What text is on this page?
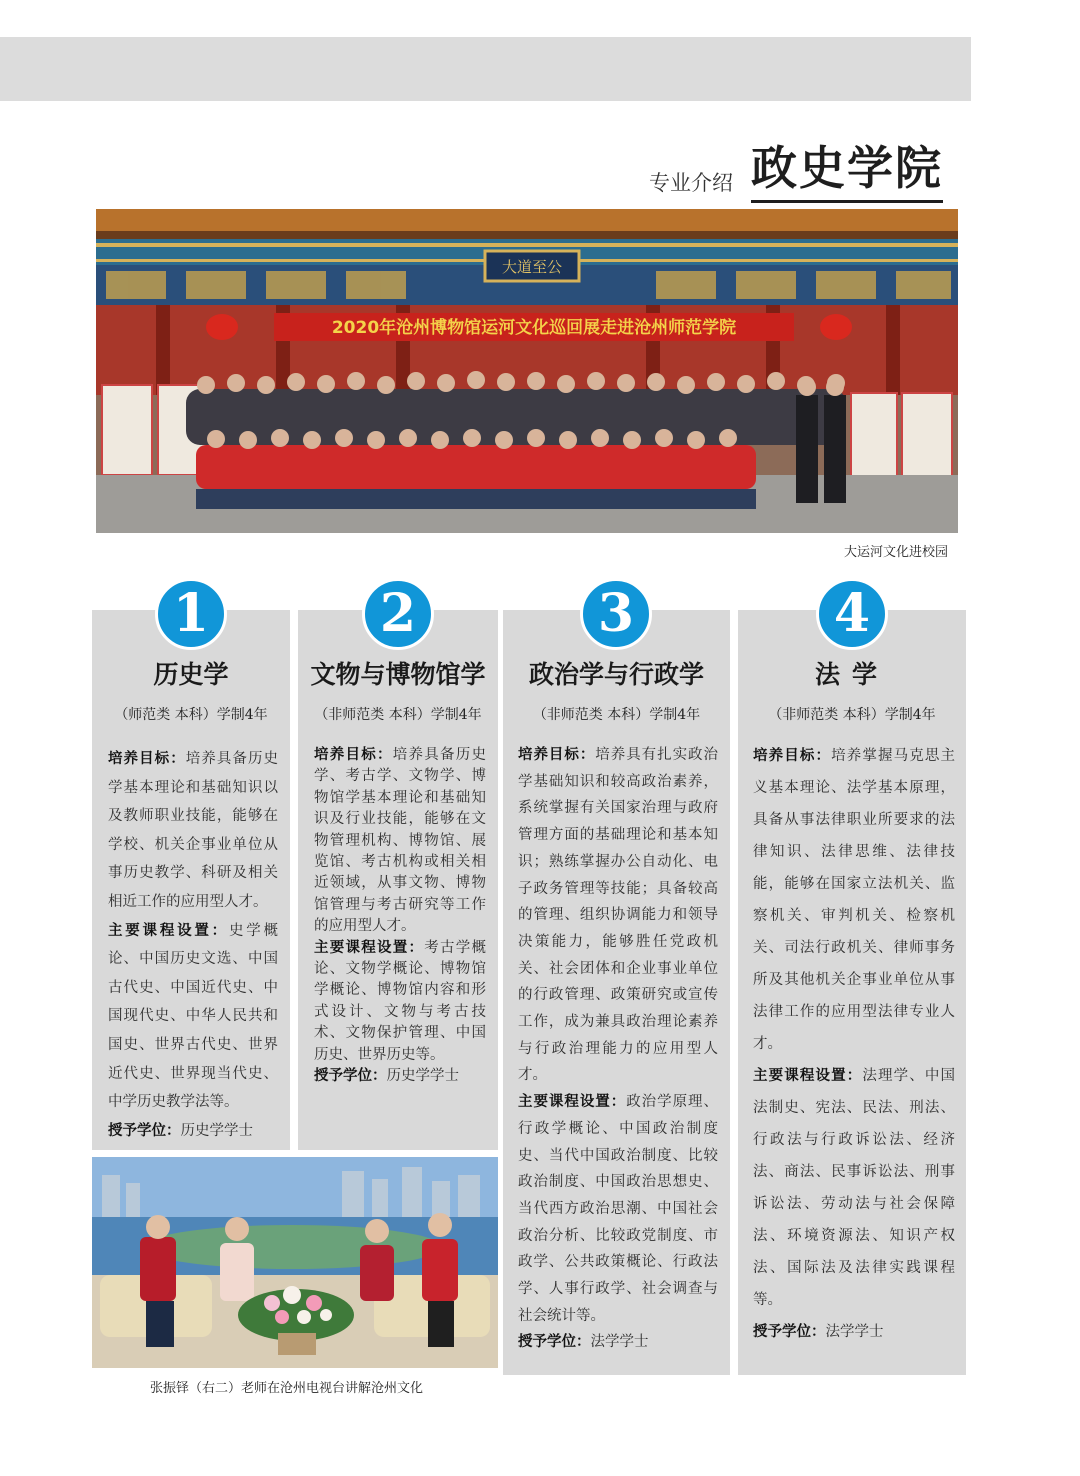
专业介绍 政史学院
大道至公
2020年沧州博物馆运河文化巡回展走进沧州师范学院
大运河文化进校园
1	2	3	4
历史学	文物与博物馆学	政治学与行政学	法学
（师范类 本科）学制4年	（非师范类 本科）学制4年	（非师范类 本科）学制4年	（非师范类 本科）学制4年

培养目标：培养具备历史学基本理论和基础知识以及教师职业技能，能够在学校、机关企事业单位从事历史教学、科研及相关相近工作的应用型人才。

主要课程设置：史学概论、中国历史文选、中国古代史、中国近代史、中国现代史、中华人民共和国史、世界古代史、世界近代史、世界现当代史、中学历史教学法等。

授予学位：历史学学士

培养目标：培养具备历史学、考古学、文物学、博物馆学基本理论和基础知识及行业技能，能够在文物管理机构、博物馆、展览馆、考古机构或相关相近领域，从事文物、博物馆管理与考古研究等工作的应用型人才。

主要课程设置：考古学概论、文物学概论、博物馆学概论、博物馆内容和形式设计、文物与考古技术、文物保护管理、中国历史、世界历史等。

授予学位：历史学学士

培养目标：培养具有扎实政治学基础知识和较高政治素养，系统掌握有关国家治理与政府管理方面的基础理论和基本知识；熟练掌握办公自动化、电子政务管理等技能；具备较高的管理、组织协调能力和领导决策能力，能够胜任党政机关、社会团体和企业事业单位的行政管理、政策研究或宣传工作，成为兼具政治理论素养与行政治理能力的应用型人才。

主要课程设置：政治学原理、行政学概论、中国政治制度史、当代中国政治制度、比较政治制度、中国政治思想史、当代西方政治思潮、中国社会政治分析、比较政党制度、市政学、公共政策概论、行政法学、人事行政学、社会调查与社会统计等。

授予学位：法学学士

培养目标：培养掌握马克思主义基本理论、法学基本原理，具备从事法律职业所要求的法律知识、法律思维、法律技能，能够在国家立法机关、监察机关、审判机关、检察机关、司法行政机关、律师事务所及其他机关企事业单位从事法律工作的应用型法律专业人才。

主要课程设置：法理学、中国法制史、宪法、民法、刑法、行政法与行政诉讼法、经济法、商法、民事诉讼法、刑事诉讼法、劳动法与社会保障法、环境资源法、知识产权法、国际法及法律实践课程等。

授予学位：法学学士

张振铎（右二）老师在沧州电视台讲解沧州文化
